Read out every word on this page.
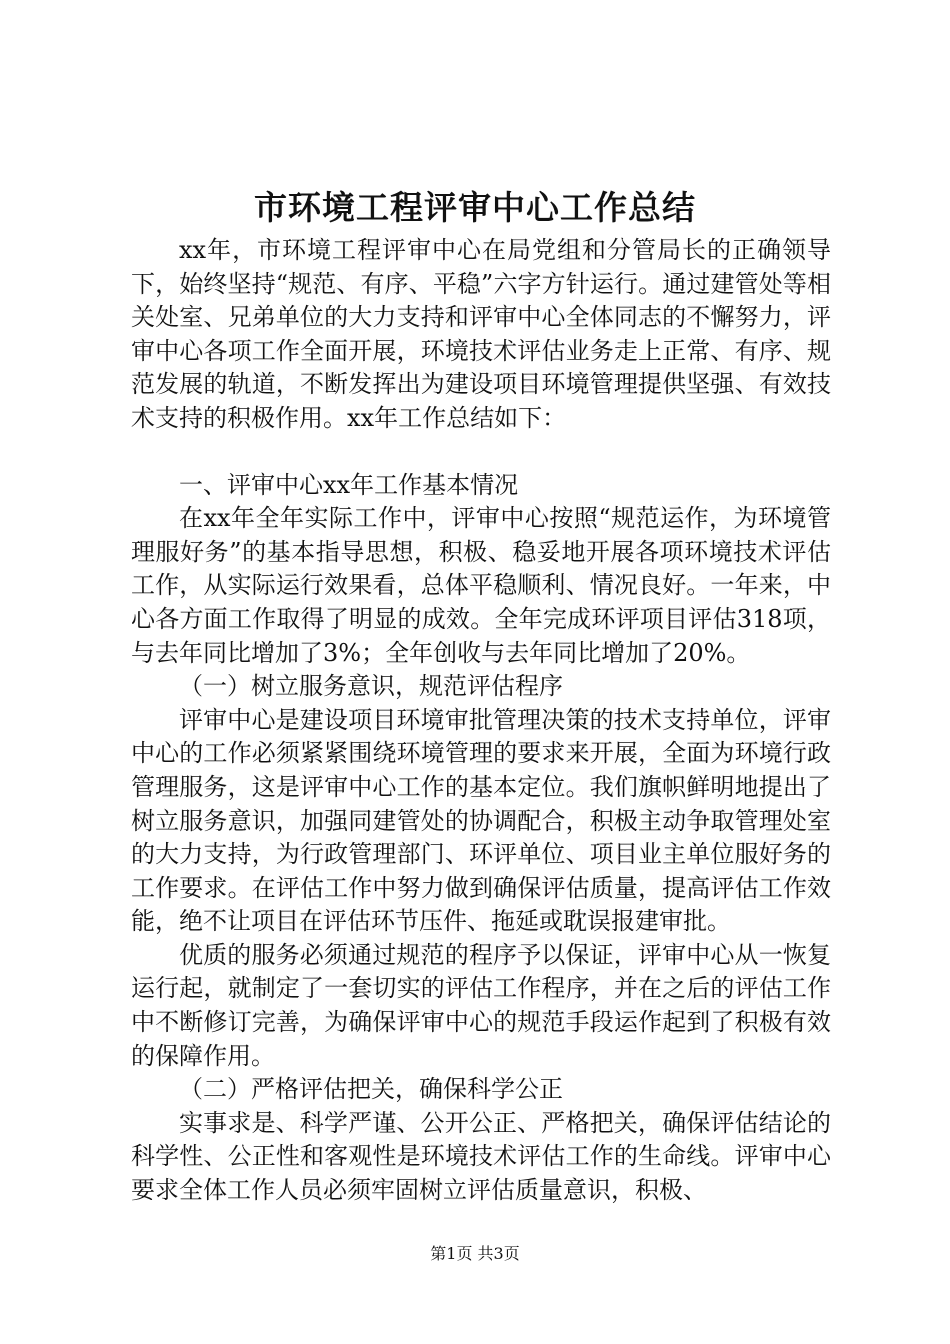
市环境工程评审中心工作总结

xx年，市环境工程评审中心在局党组和分管局长的正确领导下，始终坚持“规范、有序、平稳”六字方针运行。通过建管处等相关处室、兄弟单位的大力支持和评审中心全体同志的不懈努力，评审中心各项工作全面开展，环境技术评估业务走上正常、有序、规范发展的轨道，不断发挥出为建设项目环境管理提供坚强、有效技术支持的积极作用。xx年工作总结如下：

一、评审中心xx年工作基本情况

在xx年全年实际工作中，评审中心按照“规范运作，为环境管理服好务”的基本指导思想，积极、稳妥地开展各项环境技术评估工作，从实际运行效果看，总体平稳顺利、情况良好。一年来，中心各方面工作取得了明显的成效。全年完成环评项目评估318项，与去年同比增加了3%；全年创收与去年同比增加了20%。

（一）树立服务意识，规范评估程序

评审中心是建设项目环境审批管理决策的技术支持单位，评审中心的工作必须紧紧围绕环境管理的要求来开展，全面为环境行政管理服务，这是评审中心工作的基本定位。我们旗帜鲜明地提出了树立服务意识，加强同建管处的协调配合，积极主动争取管理处室的大力支持，为行政管理部门、环评单位、项目业主单位服好务的工作要求。在评估工作中努力做到确保评估质量，提高评估工作效能，绝不让项目在评估环节压件、拖延或耽误报建审批。

优质的服务必须通过规范的程序予以保证，评审中心从一恢复运行起，就制定了一套切实的评估工作程序，并在之后的评估工作中不断修订完善，为确保评审中心的规范手段运作起到了积极有效的保障作用。

（二）严格评估把关，确保科学公正

实事求是、科学严谨、公开公正、严格把关，确保评估结论的科学性、公正性和客观性是环境技术评估工作的生命线。评审中心要求全体工作人员必须牢固树立评估质量意识，积极、

第1页 共3页
